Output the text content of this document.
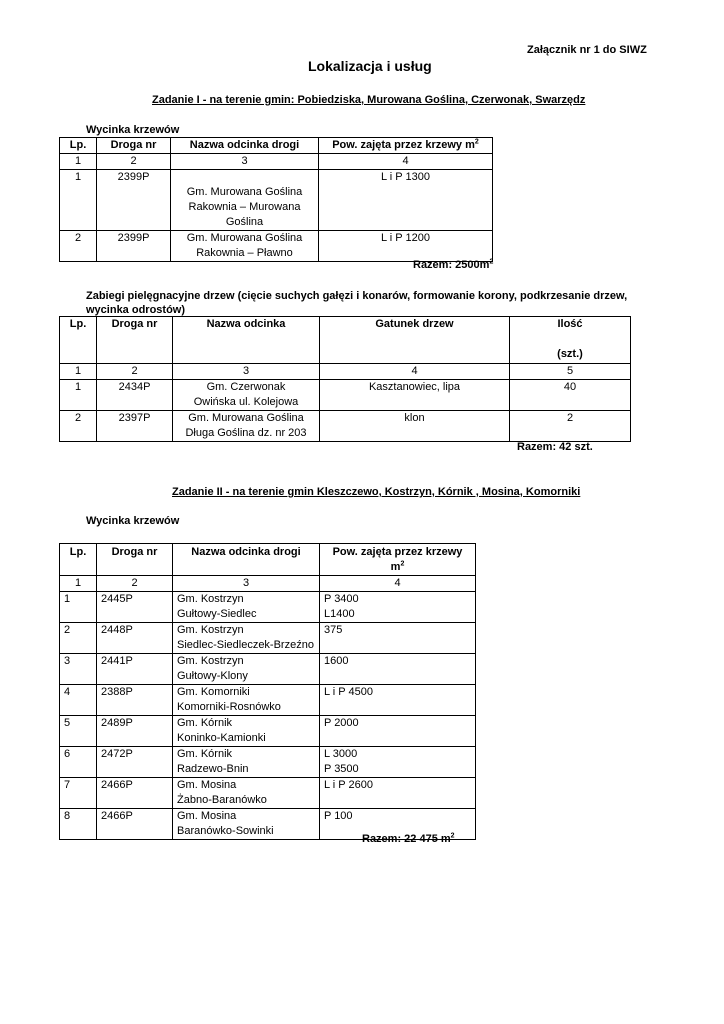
Załącznik nr 1 do SIWZ
Lokalizacja i usług
Zadanie I - na terenie gmin: Pobiedziska, Murowana Goślina, Czerwonak, Swarzędz
Wycinka krzewów
Lp.	Droga nr	Nazwa odcinka drogi	Pow. zajęta przez krzewy $m^2$
1	2	3	4
1	2399P	
Gm. Murowana Goślina
Rakownia – Murowana
Goślina	L i P 1300
2	2399P	Gm. Murowana Goślina
Rakownia – Pławno	L i P 1200
Razem: $2500m^2$
Zabiegi pielęgnacyjne drzew (cięcie suchych gałęzi i konarów, formowanie korony, podkrzesanie drzew,
wycinka odrostów)
Lp.	Droga nr	Nazwa odcinka	Gatunek drzew	Ilość

(szt.)
1	2	3	4	5
1	2434P	Gm. Czerwonak
Owińska ul. Kolejowa	Kasztanowiec, lipa	40
2	2397P	Gm. Murowana Goślina
Długa Goślina dz. nr 203	klon	2
Razem: 42 szt.
Zadanie II - na terenie gmin Kleszczewo, Kostrzyn, Kórnik , Mosina, Komorniki
Wycinka krzewów
Lp.	Droga nr	Nazwa odcinka drogi	Pow. zajęta przez krzewy
$m^2$
1	2	3	4
1	2445P	Gm. Kostrzyn
Gułtowy-Siedlec	P 3400
L1400
2	2448P	Gm. Kostrzyn
Siedlec-Siedleczek-Brzeźno	375
3	2441P	Gm. Kostrzyn
Gułtowy-Klony	1600
4	2388P	Gm. Komorniki
Komorniki-Rosnówko	L i P 4500
5	2489P	Gm. Kórnik
Koninko-Kamionki	P 2000
6	2472P	Gm. Kórnik
Radzewo-Bnin	L 3000
P 3500
7	2466P	Gm. Mosina
Żabno-Baranówko	L i P 2600
8	2466P	Gm. Mosina
Baranówko-Sowinki	P 100
Razem: 22 475 $m^2$
